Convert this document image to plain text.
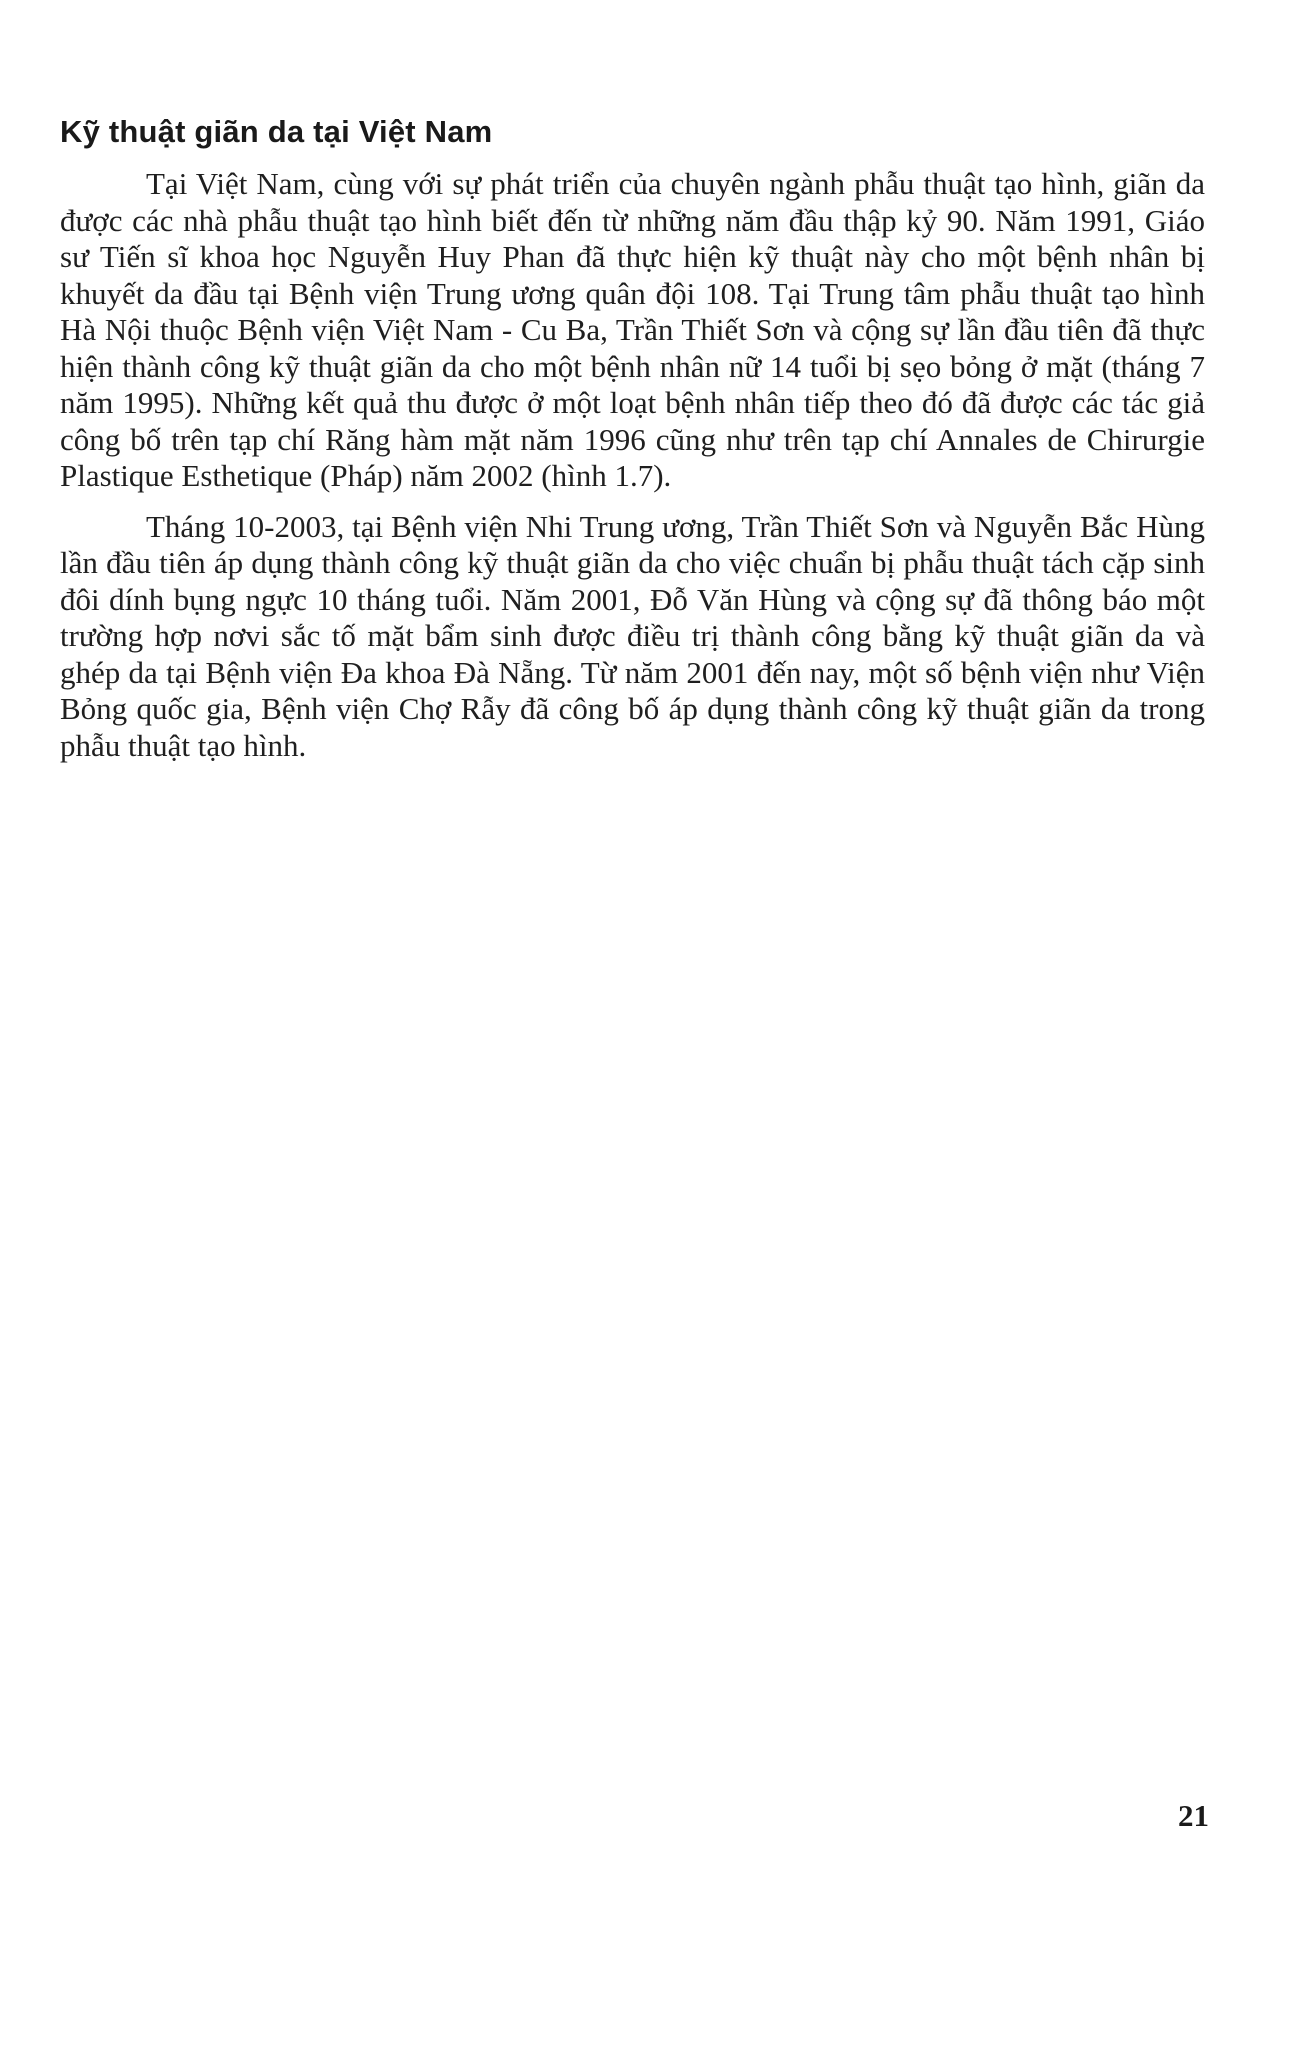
Kỹ thuật giãn da tại Việt Nam

Tại Việt Nam, cùng với sự phát triển của chuyên ngành phẫu thuật tạo hình, giãn da được các nhà phẫu thuật tạo hình biết đến từ những năm đầu thập kỷ 90. Năm 1991, Giáo sư Tiến sĩ khoa học Nguyễn Huy Phan đã thực hiện kỹ thuật này cho một bệnh nhân bị khuyết da đầu tại Bệnh viện Trung ương quân đội 108. Tại Trung tâm phẫu thuật tạo hình Hà Nội thuộc Bệnh viện Việt Nam - Cu Ba, Trần Thiết Sơn và cộng sự lần đầu tiên đã thực hiện thành công kỹ thuật giãn da cho một bệnh nhân nữ 14 tuổi bị sẹo bỏng ở mặt (tháng 7 năm 1995). Những kết quả thu được ở một loạt bệnh nhân tiếp theo đó đã được các tác giả công bố trên tạp chí Răng hàm mặt năm 1996 cũng như trên tạp chí Annales de Chirurgie Plastique Esthetique (Pháp) năm 2002 (hình 1.7).

Tháng 10-2003, tại Bệnh viện Nhi Trung ương, Trần Thiết Sơn và Nguyễn Bắc Hùng lần đầu tiên áp dụng thành công kỹ thuật giãn da cho việc chuẩn bị phẫu thuật tách cặp sinh đôi dính bụng ngực 10 tháng tuổi. Năm 2001, Đỗ Văn Hùng và cộng sự đã thông báo một trường hợp nơvi sắc tố mặt bẩm sinh được điều trị thành công bằng kỹ thuật giãn da và ghép da tại Bệnh viện Đa khoa Đà Nẵng. Từ năm 2001 đến nay, một số bệnh viện như Viện Bỏng quốc gia, Bệnh viện Chợ Rẫy đã công bố áp dụng thành công kỹ thuật giãn da trong phẫu thuật tạo hình.

21
